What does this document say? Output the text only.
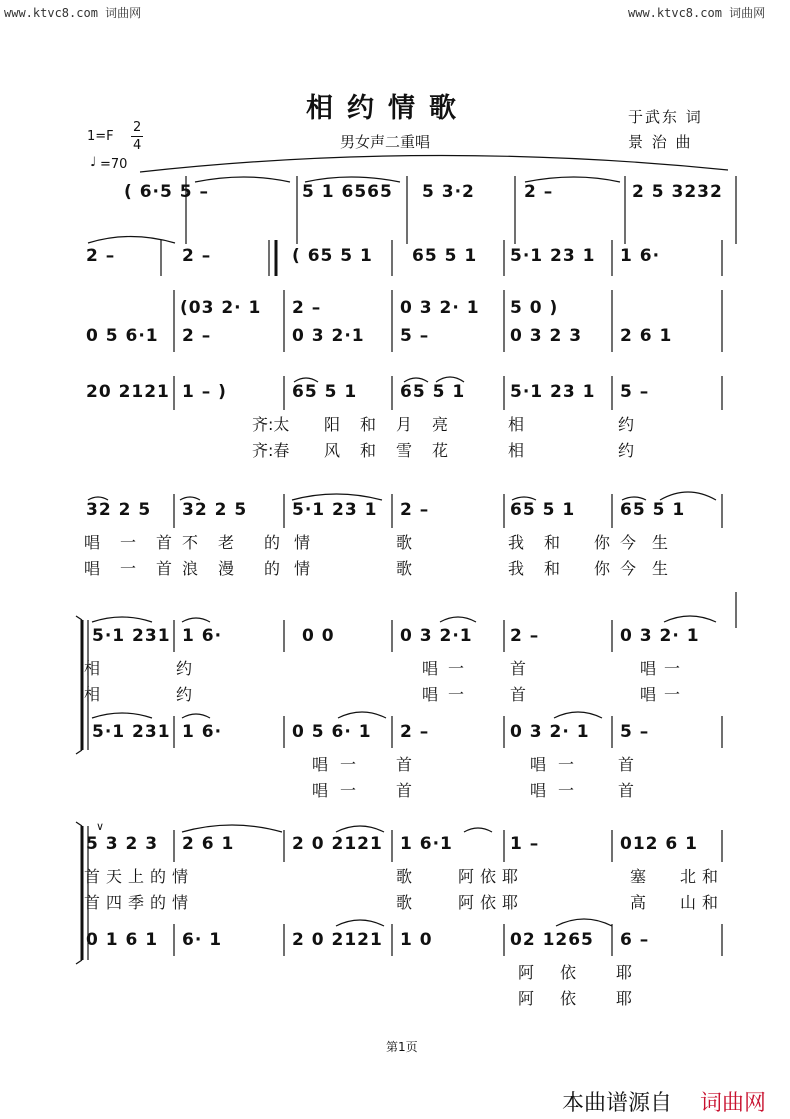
www.ktvc8.com 词曲网	www.ktvc8.com 词曲网
相约情歌
男女声二重唱
于武东 词
景 治 曲
1=F
2
4
♩ =70
( 6·5 5 –	5 1 6565 5 3·2	2 –	2 5 3232
2 –	2 –	( 65 5 1 65 5 1 5·1 23 1 1 6·
(03 2· 1 2 –	0 3 2· 1 5 0 )
0 5 6·1 2 –	0 3 2·1 5 –	0 3 2 3 2 6 1
20 2121 1 – )	65 5 1	65 5 1	5·1 23 1 5 –
齐:太 阳 和 月 亮	相	约
齐:春 风 和 雪 花	相	约
32 2 5 32 2 5	5·1 23 1 2 –	65 5 1	65 5 1
唱 一 首 不 老 的 情	歌	我 和 你 今 生
唱 一 首 浪 漫 的 情	歌	我 和 你 今 生
5·1 231 1 6·	0 0	0 3 2·1 2 –	0 3 2· 1
相	约	唱 一	首	唱 一
相	约	唱 一	首	唱 一
5·1 231 1 6·	0 5 6· 1 2 –	0 3 2· 1 5 –
唱 一 首	唱 一	首
唱 一 首	唱 一	首
∨
5 3 2 3 2 6 1	2 0 2121 1 6·1	1 –	012 6 1
首 天 上 的 情	歌	阿 依 耶	塞 北 和
首 四 季 的 情	歌	阿 依 耶	高 山 和
0 1 6 1 6· 1	2 0 2121 1 0	02 1265 6 –
阿 依 耶
阿 依 耶
第1页
本曲谱源自 词曲网
